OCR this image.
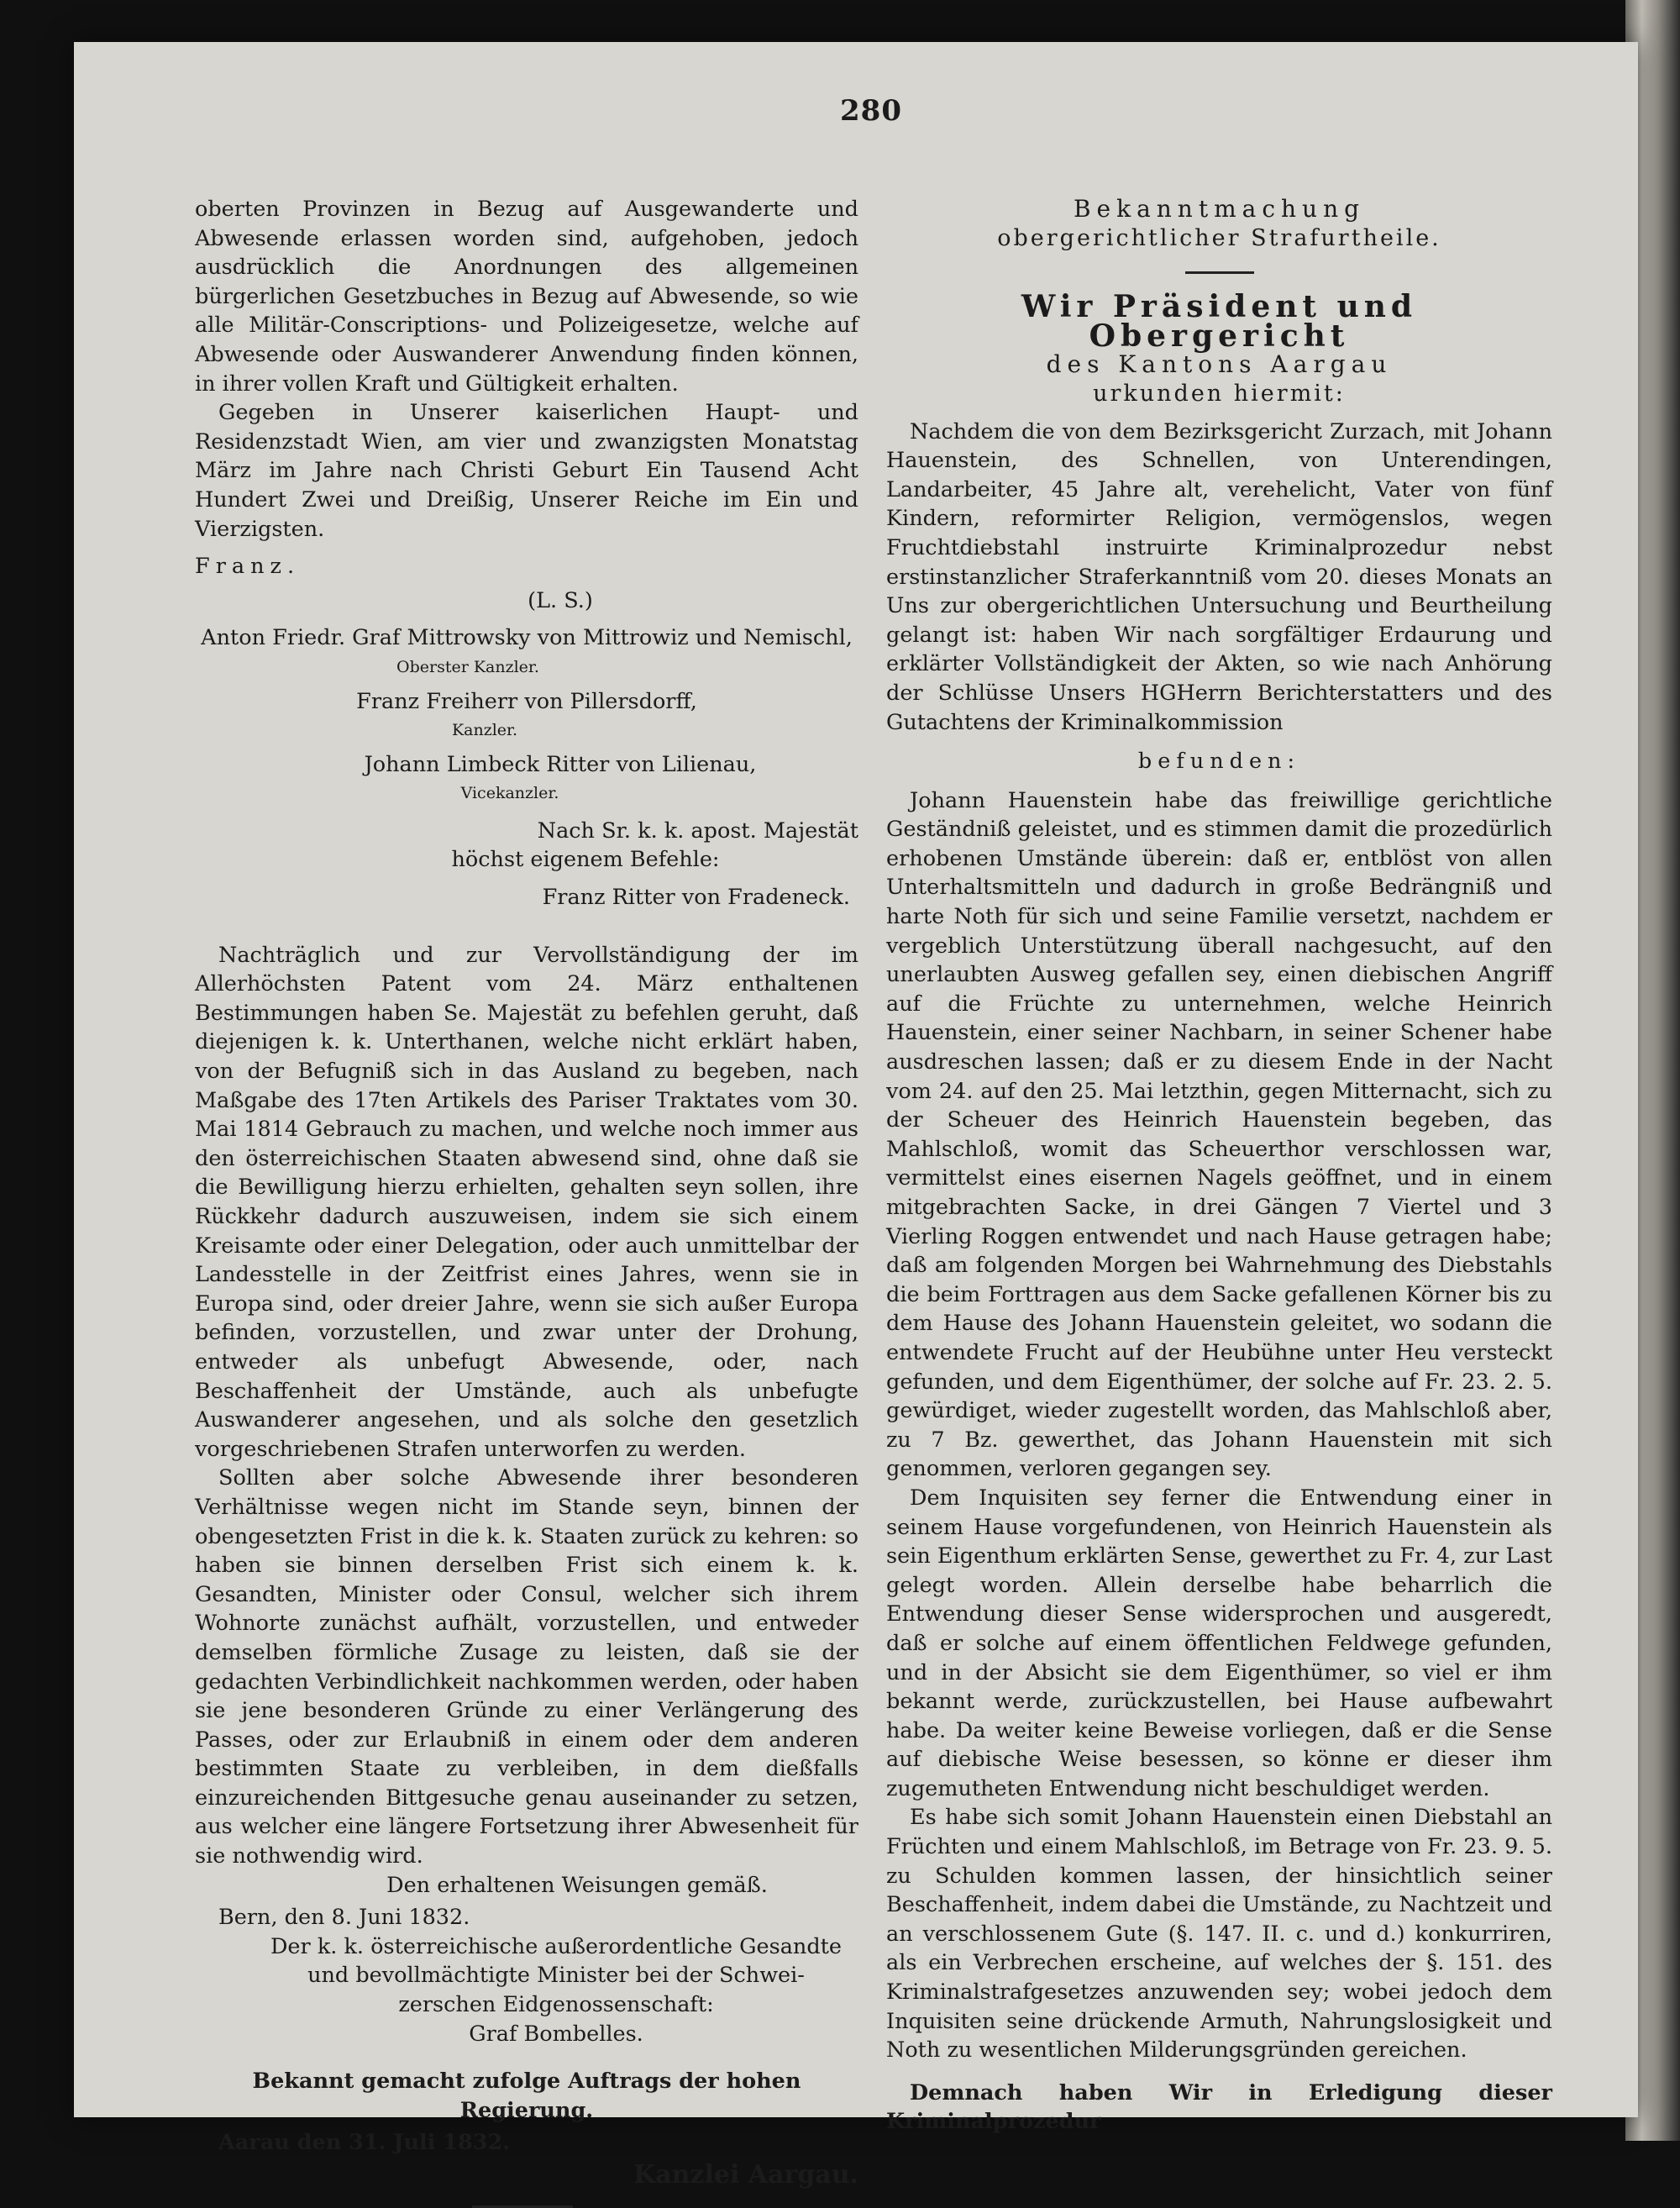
280

oberten Provinzen in Bezug auf Ausgewanderte und Abwesende erlassen worden sind, aufgehoben, jedoch ausdrücklich die Anordnungen des allgemeinen bürgerlichen Gesetzbuches in Bezug auf Abwesende, so wie alle Militär-Conscriptions- und Polizeigesetze, welche auf Abwesende oder Auswanderer Anwendung finden können, in ihrer vollen Kraft und Gültigkeit erhalten.

Gegeben in Unserer kaiserlichen Haupt- und Residenzstadt Wien, am vier und zwanzigsten Monatstag März im Jahre nach Christi Geburt Ein Tausend Acht Hundert Zwei und Dreißig, Unserer Reiche im Ein und Vierzigsten.

Franz.

(L. S.)

Anton Friedr. Graf Mittrowsky von Mittrowiz und Nemischl,

Oberster Kanzler.

Franz Freiherr von Pillersdorff,

Kanzler.

Johann Limbeck Ritter von Lilienau,

Vicekanzler.

Nach Sr. k. k. apost. Majestät

höchst eigenem Befehle:

Franz Ritter von Fradeneck.

Nachträglich und zur Vervollständigung der im Allerhöchsten Patent vom 24. März enthaltenen Bestimmungen haben Se. Majestät zu befehlen geruht, daß diejenigen k. k. Unterthanen, welche nicht erklärt haben, von der Befugniß sich in das Ausland zu begeben, nach Maßgabe des 17ten Artikels des Pariser Traktates vom 30. Mai 1814 Gebrauch zu machen, und welche noch immer aus den österreichischen Staaten abwesend sind, ohne daß sie die Bewilligung hierzu erhielten, gehalten seyn sollen, ihre Rückkehr dadurch auszuweisen, indem sie sich einem Kreisamte oder einer Delegation, oder auch unmittelbar der Landesstelle in der Zeitfrist eines Jahres, wenn sie in Europa sind, oder dreier Jahre, wenn sie sich außer Europa befinden, vorzustellen, und zwar unter der Drohung, entweder als unbefugt Abwesende, oder, nach Beschaffenheit der Umstände, auch als unbefugte Auswanderer angesehen, und als solche den gesetzlich vorgeschriebenen Strafen unterworfen zu werden.

Sollten aber solche Abwesende ihrer besonderen Verhältnisse wegen nicht im Stande seyn, binnen der obengesetzten Frist in die k. k. Staaten zurück zu kehren: so haben sie binnen derselben Frist sich einem k. k. Gesandten, Minister oder Consul, welcher sich ihrem Wohnorte zunächst aufhält, vorzustellen, und entweder demselben förmliche Zusage zu leisten, daß sie der gedachten Verbindlichkeit nachkommen werden, oder haben sie jene besonderen Gründe zu einer Verlängerung des Passes, oder zur Erlaubniß in einem oder dem anderen bestimmten Staate zu verbleiben, in dem dießfalls einzureichenden Bittgesuche genau auseinander zu setzen, aus welcher eine längere Fortsetzung ihrer Abwesenheit für sie nothwendig wird.

Den erhaltenen Weisungen gemäß.

Bern, den 8. Juni 1832.

Der k. k. österreichische außerordentliche Gesandte

und bevollmächtigte Minister bei der Schwei-

zerschen Eidgenossenschaft:

Graf Bombelles.

Bekannt gemacht zufolge Auftrags der hohen Regierung.

Aarau den 31. Juli 1832.

Kanzlei Aargau.

Bekanntmachung

obergerichtlicher Strafurtheile.

Wir Präsident und Obergericht

des Kantons Aargau

urkunden hiermit:

Nachdem die von dem Bezirksgericht Zurzach, mit Johann Hauenstein, des Schnellen, von Unterendingen, Landarbeiter, 45 Jahre alt, verehelicht, Vater von fünf Kindern, reformirter Religion, vermögenslos, wegen Fruchtdiebstahl instruirte Kriminalprozedur nebst erstinstanzlicher Straferkanntniß vom 20. dieses Monats an Uns zur obergerichtlichen Untersuchung und Beurtheilung gelangt ist: haben Wir nach sorgfältiger Erdaurung und erklärter Vollständigkeit der Akten, so wie nach Anhörung der Schlüsse Unsers HGHerrn Berichterstatters und des Gutachtens der Kriminalkommission

befunden:

Johann Hauenstein habe das freiwillige gerichtliche Geständniß geleistet, und es stimmen damit die prozedürlich erhobenen Umstände überein: daß er, entblöst von allen Unterhaltsmitteln und dadurch in große Bedrängniß und harte Noth für sich und seine Familie versetzt, nachdem er vergeblich Unterstützung überall nachgesucht, auf den unerlaubten Ausweg gefallen sey, einen diebischen Angriff auf die Früchte zu unternehmen, welche Heinrich Hauenstein, einer seiner Nachbarn, in seiner Schener habe ausdreschen lassen; daß er zu diesem Ende in der Nacht vom 24. auf den 25. Mai letzthin, gegen Mitternacht, sich zu der Scheuer des Heinrich Hauenstein begeben, das Mahlschloß, womit das Scheuerthor verschlossen war, vermittelst eines eisernen Nagels geöffnet, und in einem mitgebrachten Sacke, in drei Gängen 7 Viertel und 3 Vierling Roggen entwendet und nach Hause getragen habe; daß am folgenden Morgen bei Wahrnehmung des Diebstahls die beim Forttragen aus dem Sacke gefallenen Körner bis zu dem Hause des Johann Hauenstein geleitet, wo sodann die entwendete Frucht auf der Heubühne unter Heu versteckt gefunden, und dem Eigenthümer, der solche auf Fr. 23. 2. 5. gewürdiget, wieder zugestellt worden, das Mahlschloß aber, zu 7 Bz. gewerthet, das Johann Hauenstein mit sich genommen, verloren gegangen sey.

Dem Inquisiten sey ferner die Entwendung einer in seinem Hause vorgefundenen, von Heinrich Hauenstein als sein Eigenthum erklärten Sense, gewerthet zu Fr. 4, zur Last gelegt worden. Allein derselbe habe beharrlich die Entwendung dieser Sense widersprochen und ausgeredt, daß er solche auf einem öffentlichen Feldwege gefunden, und in der Absicht sie dem Eigenthümer, so viel er ihm bekannt werde, zurückzustellen, bei Hause aufbewahrt habe. Da weiter keine Beweise vorliegen, daß er die Sense auf diebische Weise besessen, so könne er dieser ihm zugemutheten Entwendung nicht beschuldiget werden.

Es habe sich somit Johann Hauenstein einen Diebstahl an Früchten und einem Mahlschloß, im Betrage von Fr. 23. 9. 5. zu Schulden kommen lassen, der hinsichtlich seiner Beschaffenheit, indem dabei die Umstände, zu Nachtzeit und an verschlossenem Gute (§. 147. II. c. und d.) konkurriren, als ein Verbrechen erscheine, auf welches der §. 151. des Kriminalstrafgesetzes anzuwenden sey; wobei jedoch dem Inquisiten seine drückende Armuth, Nahrungslosigkeit und Noth zu wesentlichen Milderungsgründen gereichen.

Demnach haben Wir in Erledigung dieser Kriminalprozedur
